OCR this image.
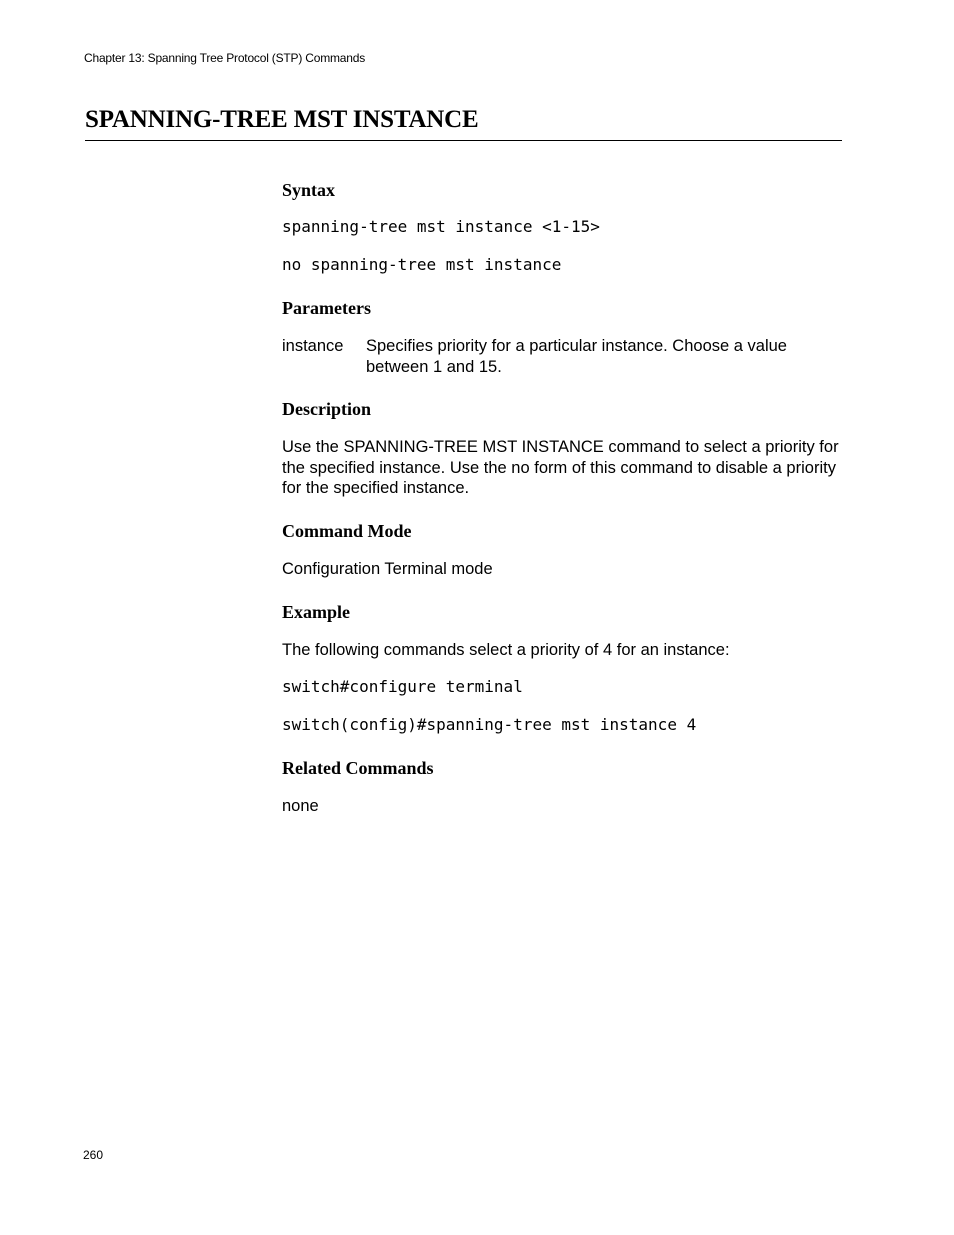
Chapter 13: Spanning Tree Protocol (STP) Commands
SPANNING-TREE MST INSTANCE
Syntax
spanning-tree mst instance <1-15>
no spanning-tree mst instance
Parameters
instance Specifies priority for a particular instance. Choose a value between 1 and 15.
Description
Use the SPANNING-TREE MST INSTANCE command to select a priority for the specified instance. Use the no form of this command to disable a priority for the specified instance.
Command Mode
Configuration Terminal mode
Example
The following commands select a priority of 4 for an instance:
switch#configure terminal
switch(config)#spanning-tree mst instance 4
Related Commands
none
260
